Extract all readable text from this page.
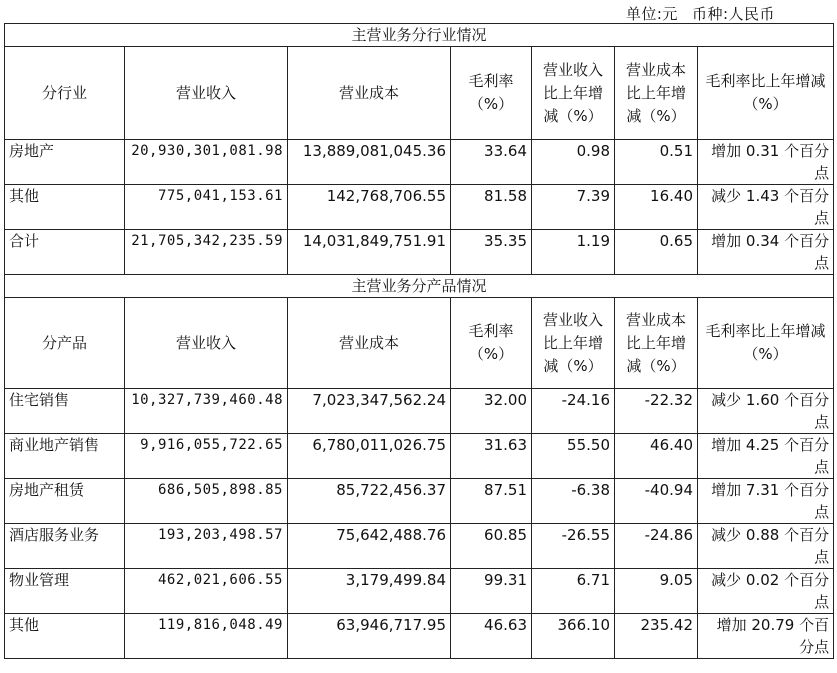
单位:元 币种:人民币
主营业务分行业情况						
分行业	营业收入	营业成本	毛利率（%）	营业收入比上年增减（%）	营业成本比上年增减（%）	毛利率比上年增减（%）
房地产	20,930,301,081.98	13,889,081,045.36	33.64	0.98	0.51	增加 0.31 个百分点
其他	775,041,153.61	142,768,706.55	81.58	7.39	16.40	减少 1.43 个百分点
合计	21,705,342,235.59	14,031,849,751.91	35.35	1.19	0.65	增加 0.34 个百分点
主营业务分产品情况						
分产品	营业收入	营业成本	毛利率（%）	营业收入比上年增减（%）	营业成本比上年增减（%）	毛利率比上年增减（%）
住宅销售	10,327,739,460.48	7,023,347,562.24	32.00	-24.16	-22.32	减少 1.60 个百分点
商业地产销售	9,916,055,722.65	6,780,011,026.75	31.63	55.50	46.40	增加 4.25 个百分点
房地产租赁	686,505,898.85	85,722,456.37	87.51	-6.38	-40.94	增加 7.31 个百分点
酒店服务业务	193,203,498.57	75,642,488.76	60.85	-26.55	-24.86	减少 0.88 个百分点
物业管理	462,021,606.55	3,179,499.84	99.31	6.71	9.05	减少 0.02 个百分点
其他	119,816,048.49	63,946,717.95	46.63	366.10	235.42	增加 20.79 个百分点
